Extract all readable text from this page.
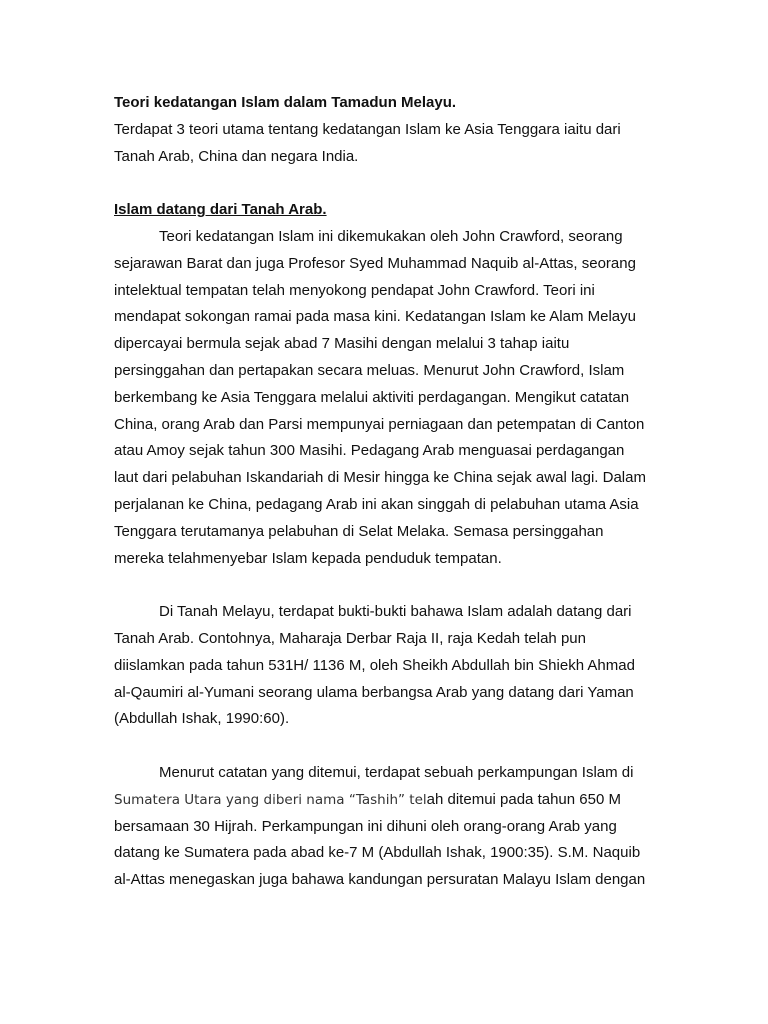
Teori kedatangan Islam dalam Tamadun Melayu.
Terdapat 3 teori utama tentang kedatangan Islam ke Asia Tenggara iaitu dari
Tanah Arab, China dan negara India.
Islam datang dari Tanah Arab.
Teori kedatangan Islam ini dikemukakan oleh John Crawford, seorang
sejarawan Barat dan juga Profesor Syed Muhammad Naquib al-Attas, seorang
intelektual tempatan telah menyokong pendapat John Crawford. Teori ini
mendapat sokongan ramai pada masa kini. Kedatangan Islam ke Alam Melayu
dipercayai bermula sejak abad 7 Masihi dengan melalui 3 tahap iaitu
persinggahan dan pertapakan secara meluas. Menurut John Crawford, Islam
berkembang ke Asia Tenggara melalui aktiviti perdagangan. Mengikut catatan
China, orang Arab dan Parsi mempunyai perniagaan dan petempatan di Canton
atau Amoy sejak tahun 300 Masihi. Pedagang Arab menguasai perdagangan
laut dari pelabuhan Iskandariah di Mesir hingga ke China sejak awal lagi. Dalam
perjalanan ke China, pedagang Arab ini akan singgah di pelabuhan utama Asia
Tenggara terutamanya pelabuhan di Selat Melaka. Semasa persinggahan
mereka telahmenyebar Islam kepada penduduk tempatan.
Di Tanah Melayu, terdapat bukti-bukti bahawa Islam adalah datang dari
Tanah Arab. Contohnya, Maharaja Derbar Raja II, raja Kedah telah pun
diislamkan pada tahun 531H/ 1136 M, oleh Sheikh Abdullah bin Shiekh Ahmad
al-Qaumiri al-Yumani seorang ulama berbangsa Arab yang datang dari Yaman
(Abdullah Ishak, 1990:60).
Menurut catatan yang ditemui, terdapat sebuah perkampungan Islam di
Sumatera Utara yang diberi nama “Tashih” telah ditemui pada tahun 650 M
bersamaan 30 Hijrah. Perkampungan ini dihuni oleh orang-orang Arab yang
datang ke Sumatera pada abad ke-7 M (Abdullah Ishak, 1900:35). S.M. Naquib
al-Attas menegaskan juga bahawa kandungan persuratan Malayu Islam dengan
